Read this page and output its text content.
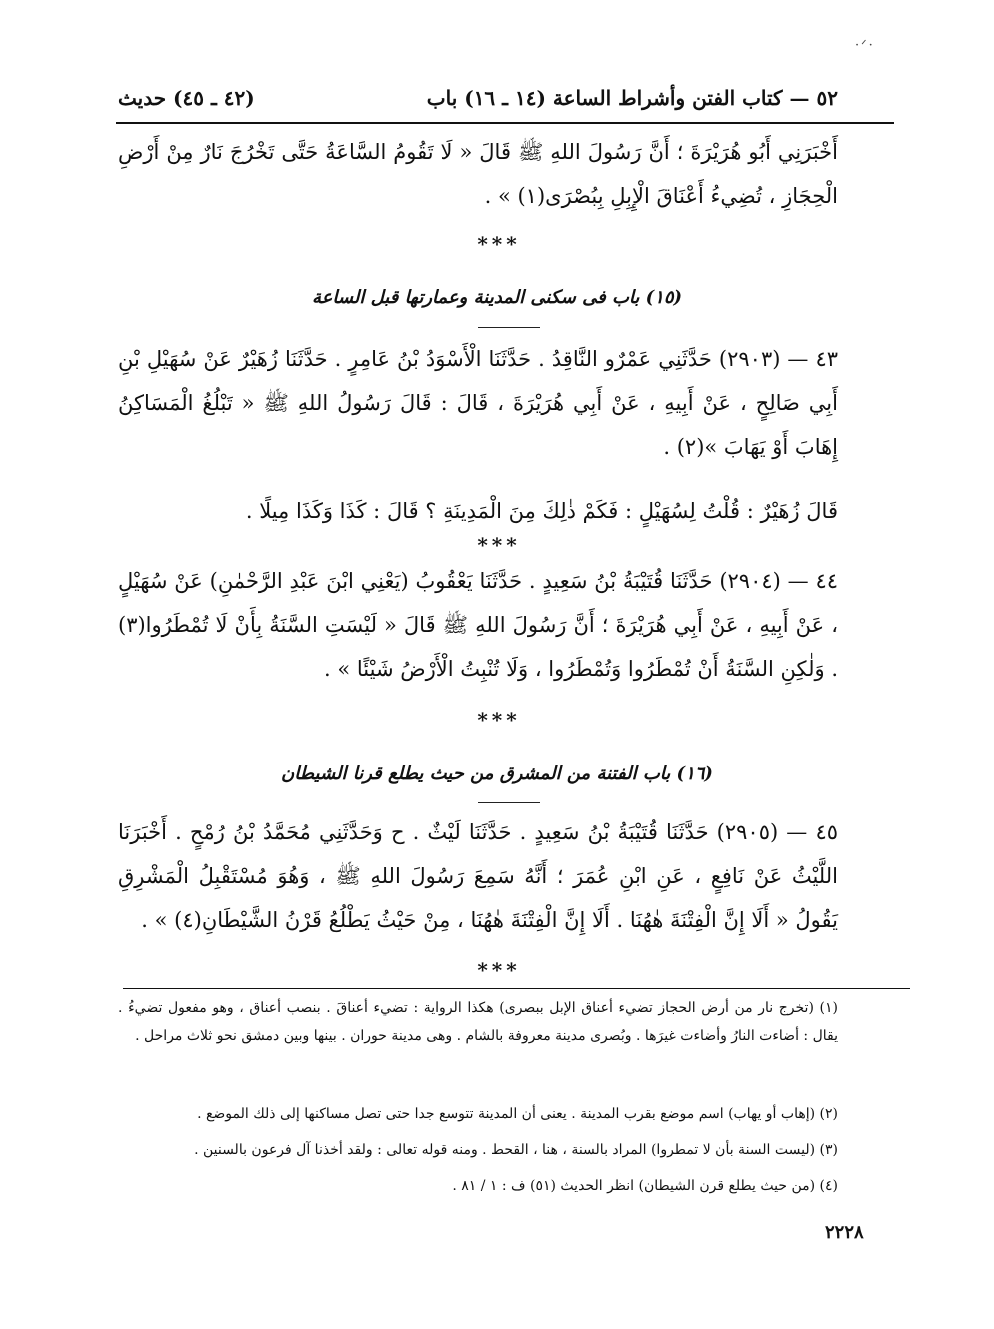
·ᐟ·
٥٢ — كتاب الفتن وأشراط الساعة (١٤ ـ ١٦) باب
(٤٢ ـ ٤٥) حديث

أَخْبَرَنِي أَبُو هُرَيْرَةَ ؛ أَنَّ رَسُولَ اللهِ ﷺ قَالَ « لَا تَقُومُ السَّاعَةُ حَتَّى تَخْرُجَ نَارٌ مِنْ أَرْضِ الْحِجَازِ ، تُضِيءُ أَعْنَاقَ الْإِبِلِ بِبُصْرَى(١) » .

* * *
(١٥) باب فى سكنى المدينة وعمارتها قبل الساعة

٤٣ — (٢٩٠٣) حَدَّثَنِي عَمْرٌو النَّاقِدُ . حَدَّثَنَا الْأَسْوَدُ بْنُ عَامِرٍ . حَدَّثَنَا زُهَيْرٌ عَنْ سُهَيْلِ بْنِ أَبِي صَالِحٍ ، عَنْ أَبِيهِ ، عَنْ أَبِي هُرَيْرَةَ ، قَالَ : قَالَ رَسُولُ اللهِ ﷺ « تَبْلُغُ الْمَسَاكِنُ إِهَابَ أَوْ يَهَابَ »(٢) .

قَالَ زُهَيْرٌ : قُلْتُ لِسُهَيْلٍ : فَكَمْ ذٰلِكَ مِنَ الْمَدِينَةِ ؟ قَالَ : كَذَا وَكَذَا مِيلًا .

* * *

٤٤ — (٢٩٠٤) حَدَّثَنَا قُتَيْبَةُ بْنُ سَعِيدٍ . حَدَّثَنَا يَعْقُوبُ (يَعْنِي ابْنَ عَبْدِ الرَّحْمٰنِ) عَنْ سُهَيْلٍ ، عَنْ أَبِيهِ ، عَنْ أَبِي هُرَيْرَةَ ؛ أَنَّ رَسُولَ اللهِ ﷺ قَالَ « لَيْسَتِ السَّنَةُ بِأَنْ لَا تُمْطَرُوا(٣) . وَلٰكِنِ السَّنَةُ أَنْ تُمْطَرُوا وَتُمْطَرُوا ، وَلَا تُنْبِتُ الْأَرْضُ شَيْئًا » .

* * *
(١٦) باب الفتنة من المشرق من حيث يطلع قرنا الشيطان

٤٥ — (٢٩٠٥) حَدَّثَنَا قُتَيْبَةُ بْنُ سَعِيدٍ . حَدَّثَنَا لَيْثٌ . ح وَحَدَّثَنِي مُحَمَّدُ بْنُ رُمْحٍ . أَخْبَرَنَا اللَّيْثُ عَنْ نَافِعٍ ، عَنِ ابْنِ عُمَرَ ؛ أَنَّهُ سَمِعَ رَسُولَ اللهِ ﷺ ، وَهُوَ مُسْتَقْبِلُ الْمَشْرِقِ يَقُولُ « أَلَا إِنَّ الْفِتْنَةَ هٰهُنَا . أَلَا إِنَّ الْفِتْنَةَ هٰهُنَا ، مِنْ حَيْثُ يَطْلُعُ قَرْنُ الشَّيْطَانِ(٤) » .

* * *
(١) (تخرج نار من أرض الحجاز تضيء أعناق الإبل ببصرى) هكذا الرواية : تضيء أعناقَ . بنصب أعناق ، وهو مفعول تضيءُ . يقال : أضاءت النارُ وأضاءت غيرَها . وبُصرى مدينة معروفة بالشام . وهى مدينة حوران . بينها وبين دمشق نحو ثلاث مراحل .
(٢) (إهاب أو يهاب) اسم موضع بقرب المدينة . يعنى أن المدينة تتوسع جدا حتى تصل مساكنها إلى ذلك الموضع .
(٣) (ليست السنة بأن لا تمطروا) المراد بالسنة ، هنا ، القحط . ومنه قوله تعالى : ولقد أخذنا آل فرعون بالسنين .
(٤) (من حيث يطلع قرن الشيطان) انظر الحديث (٥١) ف : ١ / ٨١ .
٢٢٢٨
